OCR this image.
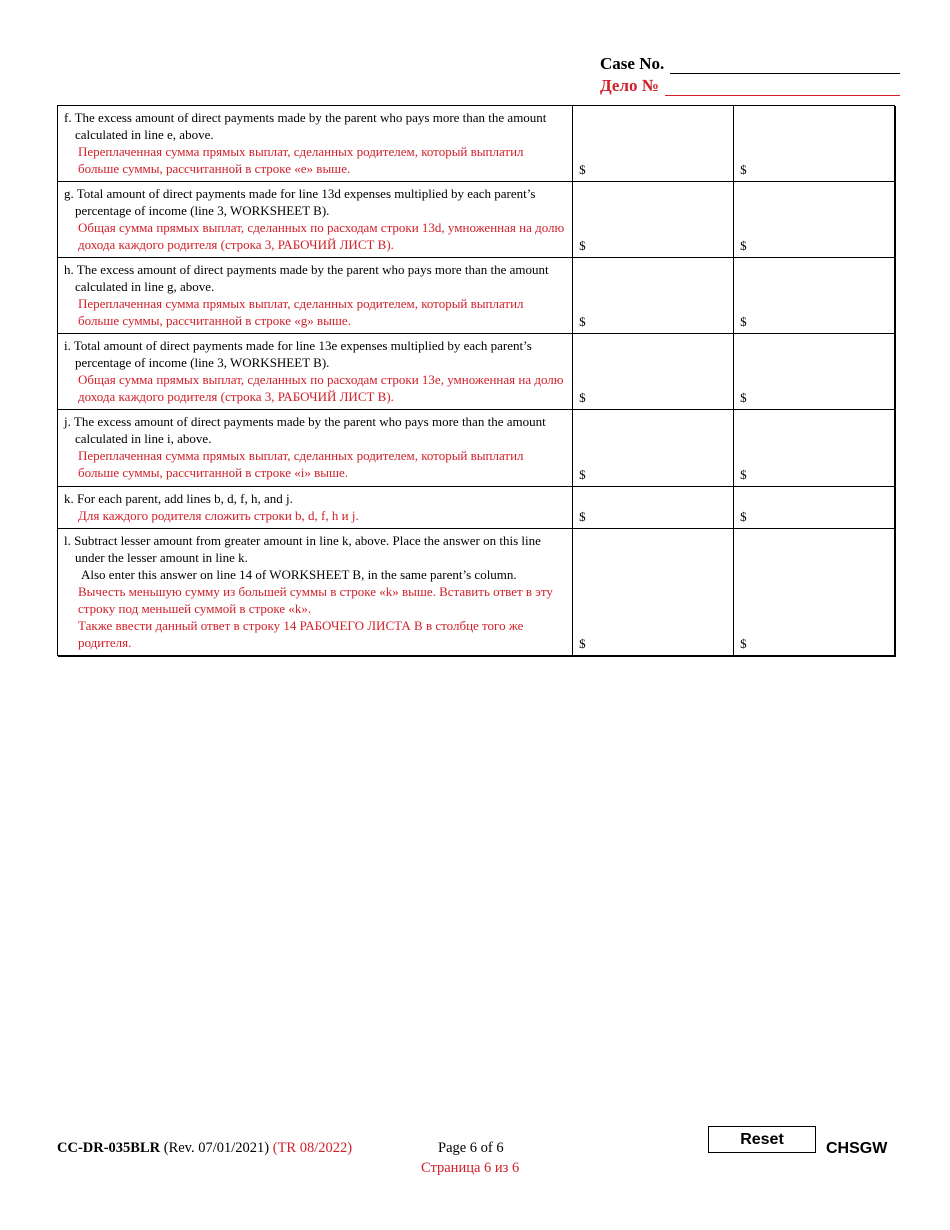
Case No.
Дело №
f. The excess amount of direct payments made by the parent who pays more than the amount calculated in line e, above.
Переплаченная сумма прямых выплат, сделанных родителем, который выплатил больше суммы, рассчитанной в строке «e» выше.	$	$

g. Total amount of direct payments made for line 13d expenses multiplied by each parent’s percentage of income (line 3, WORKSHEET B).
Общая сумма прямых выплат, сделанных по расходам строки 13d, умноженная на долю дохода каждого родителя (строка 3, РАБОЧИЙ ЛИСТ B).	$	$

h. The excess amount of direct payments made by the parent who pays more than the amount calculated in line g, above.
Переплаченная сумма прямых выплат, сделанных родителем, который выплатил больше суммы, рассчитанной в строке «g» выше.	$	$

i. Total amount of direct payments made for line 13e expenses multiplied by each parent’s percentage of income (line 3, WORKSHEET B).
Общая сумма прямых выплат, сделанных по расходам строки 13e, умноженная на долю дохода каждого родителя (строка 3, РАБОЧИЙ ЛИСТ B).	$	$

j. The excess amount of direct payments made by the parent who pays more than the amount calculated in line i, above.
Переплаченная сумма прямых выплат, сделанных родителем, который выплатил больше суммы, рассчитанной в строке «i» выше.	$	$

k. For each parent, add lines b, d, f, h, and j.
Для каждого родителя сложить строки b, d, f, h и j.	$	$

l. Subtract lesser amount from greater amount in line k, above. Place the answer on this line under the lesser amount in line k.
Also enter this answer on line 14 of WORKSHEET B, in the same parent’s column.
Вычесть меньшую сумму из большей суммы в строке «k» выше. Вставить ответ в эту строку под меньшей суммой в строке «k».
Также ввести данный ответ в строку 14 РАБОЧЕГО ЛИСТА B в столбце того же родителя.	$	$
CC-DR-035BLR (Rev. 07/01/2021) (TR 08/2022)	Page 6 of 6
Страница 6 из 6
Reset
CHSGW
